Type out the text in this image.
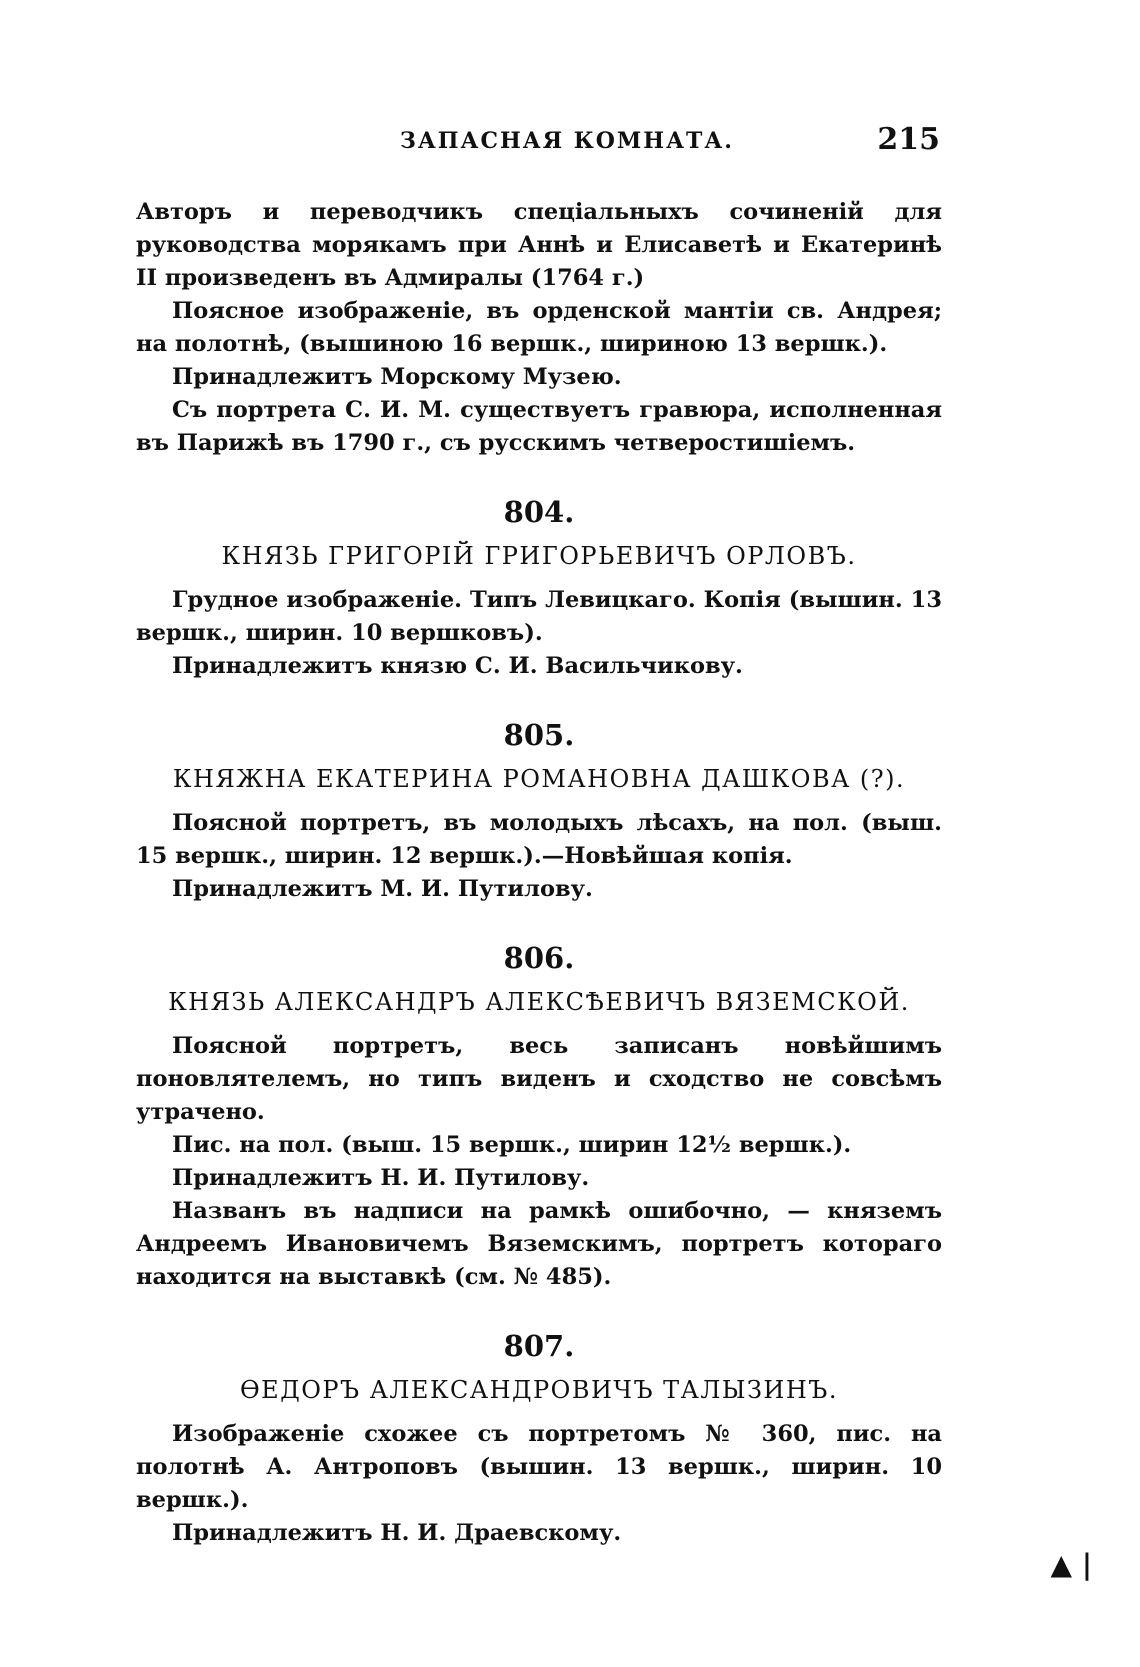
ЗАПАСНАЯ КОМНАТА.	215

Авторъ и переводчикъ спеціальныхъ сочиненій для руководства морякамъ при Аннѣ и Елисаветѣ и Екатеринѣ II произведенъ въ Адмиралы (1764 г.)

Поясное изображеніе, въ орденской мантіи св. Андрея; на полотнѣ, (вышиною 16 вершк., шириною 13 вершк.).

Принадлежитъ Морскому Музею.

Съ портрета С. И. М. существуетъ гравюра, исполненная въ Парижѣ въ 1790 г., съ русскимъ четверостишіемъ.

804.
КНЯЗЬ ГРИГОРІЙ ГРИГОРЬЕВИЧЪ ОРЛОВЪ.

Грудное изображеніе. Типъ Левицкаго. Копія (вышин. 13 вершк., ширин. 10 вершковъ).

Принадлежитъ князю С. И. Васильчикову.

805.
КНЯЖНА ЕКАТЕРИНА РОМАНОВНА ДАШКОВА (?).

Поясной портретъ, въ молодыхъ лѣсахъ, на пол. (выш. 15 вершк., ширин. 12 вершк.).—Новѣйшая копія.

Принадлежитъ М. И. Путилову.

806.
КНЯЗЬ АЛЕКСАНДРЪ АЛЕКСѢЕВИЧЪ ВЯЗЕМСКОЙ.

Поясной портретъ, весь записанъ новѣйшимъ поновлятелемъ, но типъ виденъ и сходство не совсѣмъ утрачено.

Пис. на пол. (выш. 15 вершк., ширин 12½ вершк.).

Принадлежитъ Н. И. Путилову.

Названъ въ надписи на рамкѣ ошибочно, — княземъ Андреемъ Ивановичемъ Вяземскимъ, портретъ котораго находится на выставкѣ (см. № 485).

807.
ѲЕДОРЪ АЛЕКСАНДРОВИЧЪ ТАЛЫЗИНЪ.

Изображеніе схожее съ портретомъ № 360, пис. на полотнѣ А. Антроповъ (вышин. 13 вершк., ширин. 10 вершк.).

Принадлежитъ Н. И. Драевскому.

▲ |
